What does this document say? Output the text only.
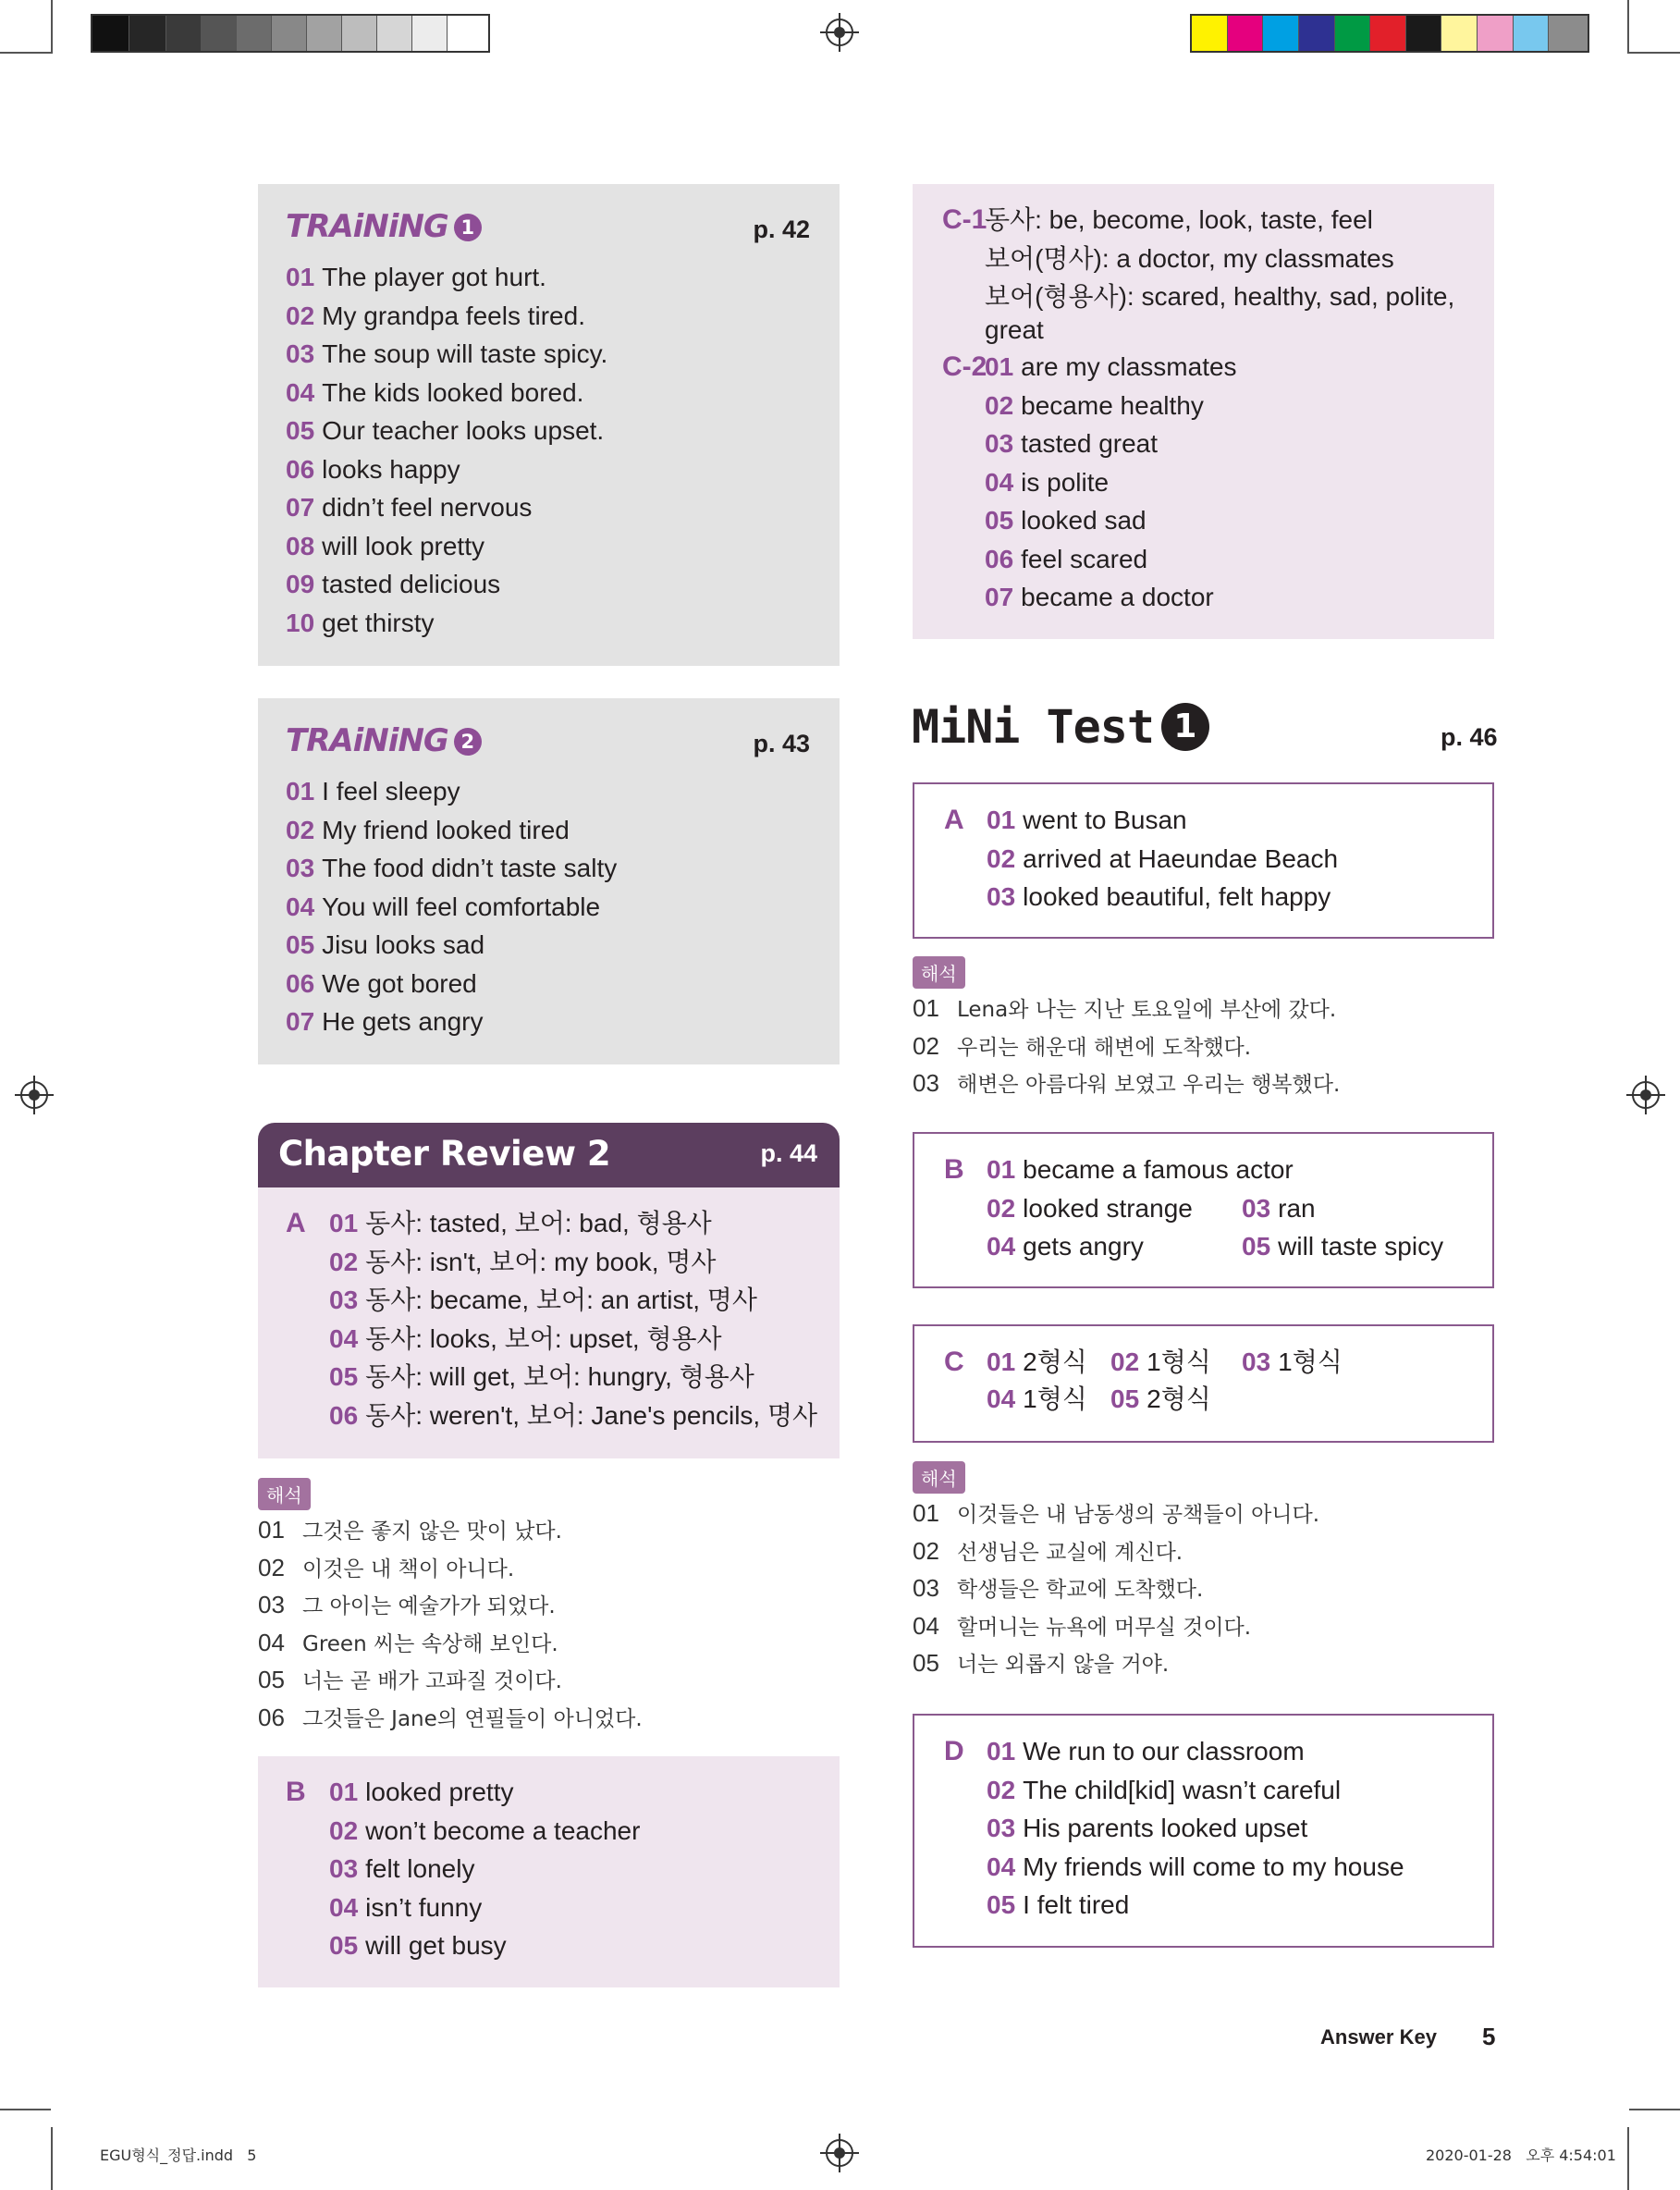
TRAiNiNG 1	p. 42
01 The player got hurt.
02 My grandpa feels tired.
03 The soup will taste spicy.
04 The kids looked bored.
05 Our teacher looks upset.
06 looks happy
07 didn’t feel nervous
08 will look pretty
09 tasted delicious
10 get thirsty
TRAiNiNG 2	p. 43
01 I feel sleepy
02 My friend looked tired
03 The food didn’t taste salty
04 You will feel comfortable
05 Jisu looks sad
06 We got bored
07 He gets angry
Chapter Review 2	p. 44
A 01 동사: tasted, 보어: bad, 형용사
02 동사: isn't, 보어: my book, 명사
03 동사: became, 보어: an artist, 명사
04 동사: looks, 보어: upset, 형용사
05 동사: will get, 보어: hungry, 형용사
06 동사: weren't, 보어: Jane's pencils, 명사
해석
01 그것은 좋지 않은 맛이 났다.
02 이것은 내 책이 아니다.
03 그 아이는 예술가가 되었다.
04 Green 씨는 속상해 보인다.
05 너는 곧 배가 고파질 것이다.
06 그것들은 Jane의 연필들이 아니었다.
B 01 looked pretty
02 won’t become a teacher
03 felt lonely
04 isn’t funny
05 will get busy
C-1
동사: be, become, look, taste, feel
보어(명사): a doctor, my classmates
보어(형용사): scared, healthy, sad, polite,
great
C-2
01 are my classmates
02 became healthy
03 tasted great
04 is polite
05 looked sad
06 feel scared
07 became a doctor
MiNi Test 1	p. 46
A 01 went to Busan
02 arrived at Haeundae Beach
03 looked beautiful, felt happy
해석
01 Lena와 나는 지난 토요일에 부산에 갔다.
02 우리는 해운대 해변에 도착했다.
03 해변은 아름다워 보였고 우리는 행복했다.
B 01 became a famous actor
02 looked strange 03 ran
04 gets angry	05 will taste spicy
C 01 2형식 02 1형식 03 1형식
04 1형식 05 2형식
해석
01 이것들은 내 남동생의 공책들이 아니다.
02 선생님은 교실에 계신다.
03 학생들은 학교에 도착했다.
04 할머니는 뉴욕에 머무실 것이다.
05 너는 외롭지 않을 거야.
D 01 We run to our classroom
02 The child[kid] wasn’t careful
03 His parents looked upset
04 My friends will come to my house
05 I felt tired
Answer Key 5
EGU형식_정답.indd   5	2020-01-28   오후 4:54:01
